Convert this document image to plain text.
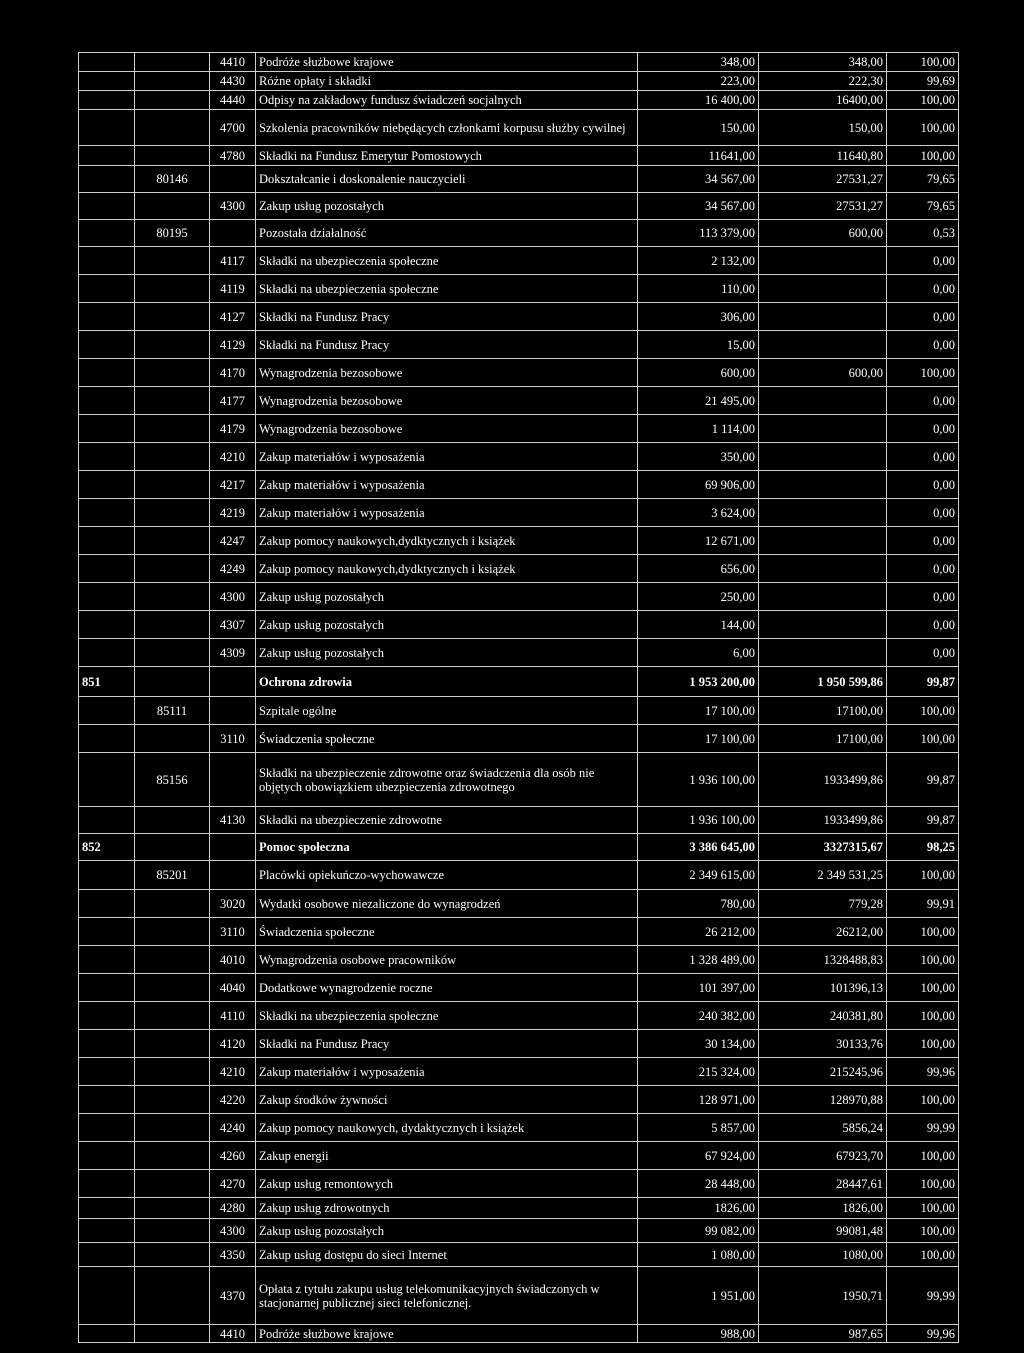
		4410	Podróże służbowe krajowe	348,00	348,00	100,00
		4430	Różne opłaty i składki	223,00	222,30	99,69
		4440	Odpisy na zakładowy fundusz świadczeń socjalnych	16 400,00	16400,00	100,00
		4700	Szkolenia pracowników niebędących członkami korpusu służby cywilnej	150,00	150,00	100,00
		4780	Składki na Fundusz Emerytur Pomostowych	11641,00	11640,80	100,00
	80146		Dokształcanie i doskonalenie nauczycieli	34 567,00	27531,27	79,65
		4300	Zakup usług pozostałych	34 567,00	27531,27	79,65
	80195		Pozostała działalność	113 379,00	600,00	0,53
		4117	Składki na ubezpieczenia społeczne	2 132,00		0,00
		4119	Składki na ubezpieczenia społeczne	110,00		0,00
		4127	Składki na Fundusz Pracy	306,00		0,00
		4129	Składki na Fundusz Pracy	15,00		0,00
		4170	Wynagrodzenia bezosobowe	600,00	600,00	100,00
		4177	Wynagrodzenia bezosobowe	21 495,00		0,00
		4179	Wynagrodzenia bezosobowe	1 114,00		0,00
		4210	Zakup materiałów i wyposażenia	350,00		0,00
		4217	Zakup materiałów i wyposażenia	69 906,00		0,00
		4219	Zakup materiałów i wyposażenia	3 624,00		0,00
		4247	Zakup pomocy naukowych,dydktycznych i książek	12 671,00		0,00
		4249	Zakup pomocy naukowych,dydktycznych i książek	656,00		0,00
		4300	Zakup usług pozostałych	250,00		0,00
		4307	Zakup usług pozostałych	144,00		0,00
		4309	Zakup usług pozostałych	6,00		0,00
851			Ochrona zdrowia	1 953 200,00	1 950 599,86	99,87
	85111		Szpitale ogólne	17 100,00	17100,00	100,00
		3110	Świadczenia społeczne	17 100,00	17100,00	100,00
	85156		Składki na ubezpieczenie zdrowotne oraz świadczenia dla osób nie objętych obowiązkiem ubezpieczenia zdrowotnego	1 936 100,00	1933499,86	99,87
		4130	Składki na ubezpieczenie zdrowotne	1 936 100,00	1933499,86	99,87
852			Pomoc społeczna	3 386 645,00	3327315,67	98,25
	85201		Placówki opiekuńczo-wychowawcze	2 349 615,00	2 349 531,25	100,00
		3020	Wydatki osobowe niezaliczone do wynagrodzeń	780,00	779,28	99,91
		3110	Świadczenia społeczne	26 212,00	26212,00	100,00
		4010	Wynagrodzenia osobowe pracowników	1 328 489,00	1328488,83	100,00
		4040	Dodatkowe wynagrodzenie roczne	101 397,00	101396,13	100,00
		4110	Składki na ubezpieczenia społeczne	240 382,00	240381,80	100,00
		4120	Składki na Fundusz Pracy	30 134,00	30133,76	100,00
		4210	Zakup materiałów i wyposażenia	215 324,00	215245,96	99,96
		4220	Zakup środków żywności	128 971,00	128970,88	100,00
		4240	Zakup pomocy naukowych, dydaktycznych i książek	5 857,00	5856,24	99,99
		4260	Zakup energii	67 924,00	67923,70	100,00
		4270	Zakup usług remontowych	28 448,00	28447,61	100,00
		4280	Zakup usług zdrowotnych	1826,00	1826,00	100,00
		4300	Zakup usług pozostałych	99 082,00	99081,48	100,00
		4350	Zakup usług dostępu do sieci Internet	1 080,00	1080,00	100,00
		4370	Opłata z tytułu zakupu usług telekomunikacyjnych świadczonych w stacjonarnej publicznej sieci telefonicznej.	1 951,00	1950,71	99,99
		4410	Podróże służbowe krajowe	988,00	987,65	99,96
